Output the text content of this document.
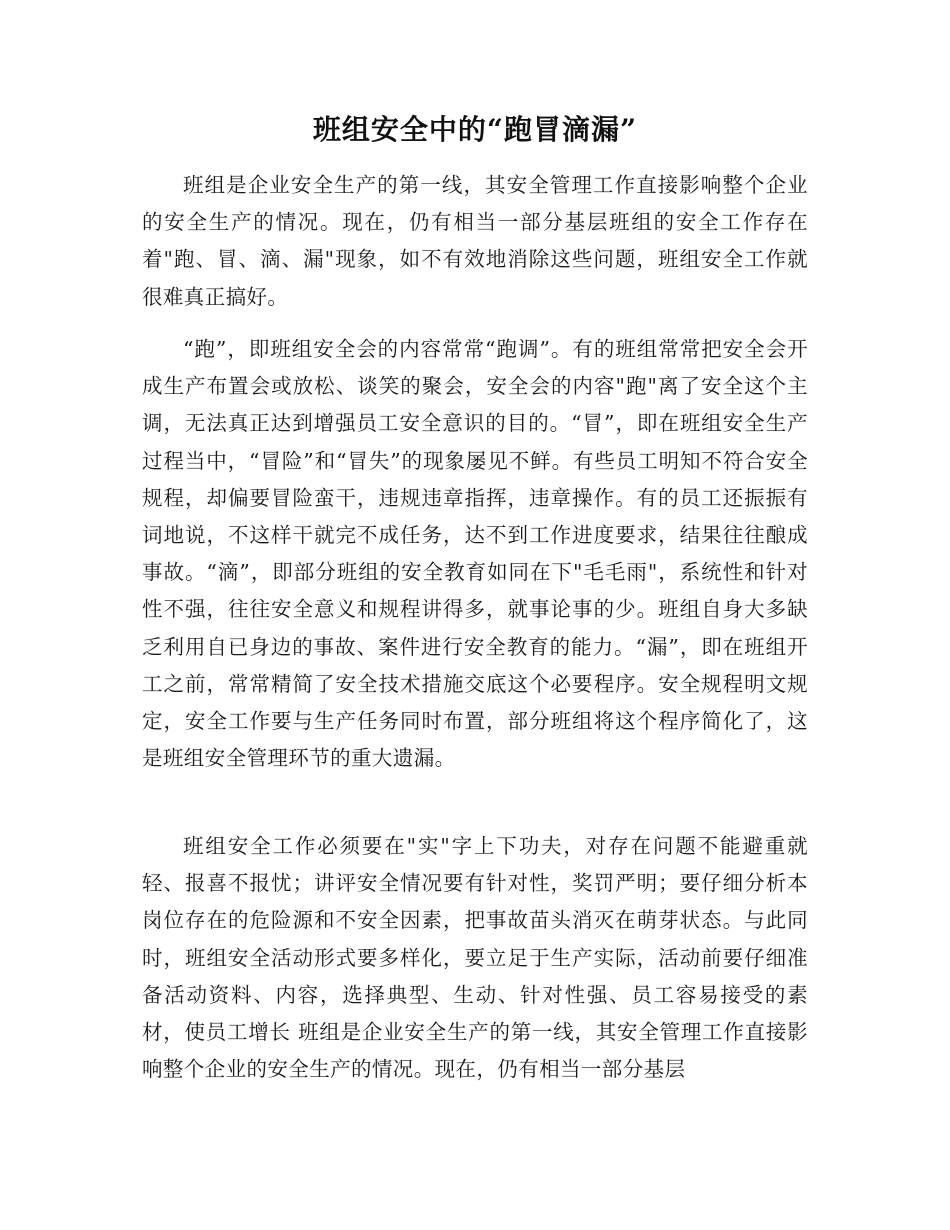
班组安全中的“跑冒滴漏”

班组是企业安全生产的第一线，其安全管理工作直接影响整个企业的安全生产的情况。现在，仍有相当一部分基层班组的安全工作存在着"跑、冒、滴、漏"现象，如不有效地消除这些问题，班组安全工作就很难真正搞好。

“跑”，即班组安全会的内容常常“跑调”。有的班组常常把安全会开成生产布置会或放松、谈笑的聚会，安全会的内容"跑"离了安全这个主调，无法真正达到增强员工安全意识的目的。“冒”，即在班组安全生产过程当中，“冒险”和“冒失”的现象屡见不鲜。有些员工明知不符合安全规程，却偏要冒险蛮干，违规违章指挥，违章操作。有的员工还振振有词地说，不这样干就完不成任务，达不到工作进度要求，结果往往酿成事故。“滴”，即部分班组的安全教育如同在下"毛毛雨"，系统性和针对性不强，往往安全意义和规程讲得多，就事论事的少。班组自身大多缺乏利用自已身边的事故、案件进行安全教育的能力。“漏”，即在班组开工之前，常常精简了安全技术措施交底这个必要程序。安全规程明文规定，安全工作要与生产任务同时布置，部分班组将这个程序简化了，这是班组安全管理环节的重大遗漏。

班组安全工作必须要在"实"字上下功夫，对存在问题不能避重就轻、报喜不报忧；讲评安全情况要有针对性，奖罚严明；要仔细分析本岗位存在的危险源和不安全因素，把事故苗头消灭在萌芽状态。与此同时，班组安全活动形式要多样化，要立足于生产实际，活动前要仔细准备活动资料、内容，选择典型、生动、针对性强、员工容易接受的素材，使员工增长 班组是企业安全生产的第一线，其安全管理工作直接影响整个企业的安全生产的情况。现在，仍有相当一部分基层
